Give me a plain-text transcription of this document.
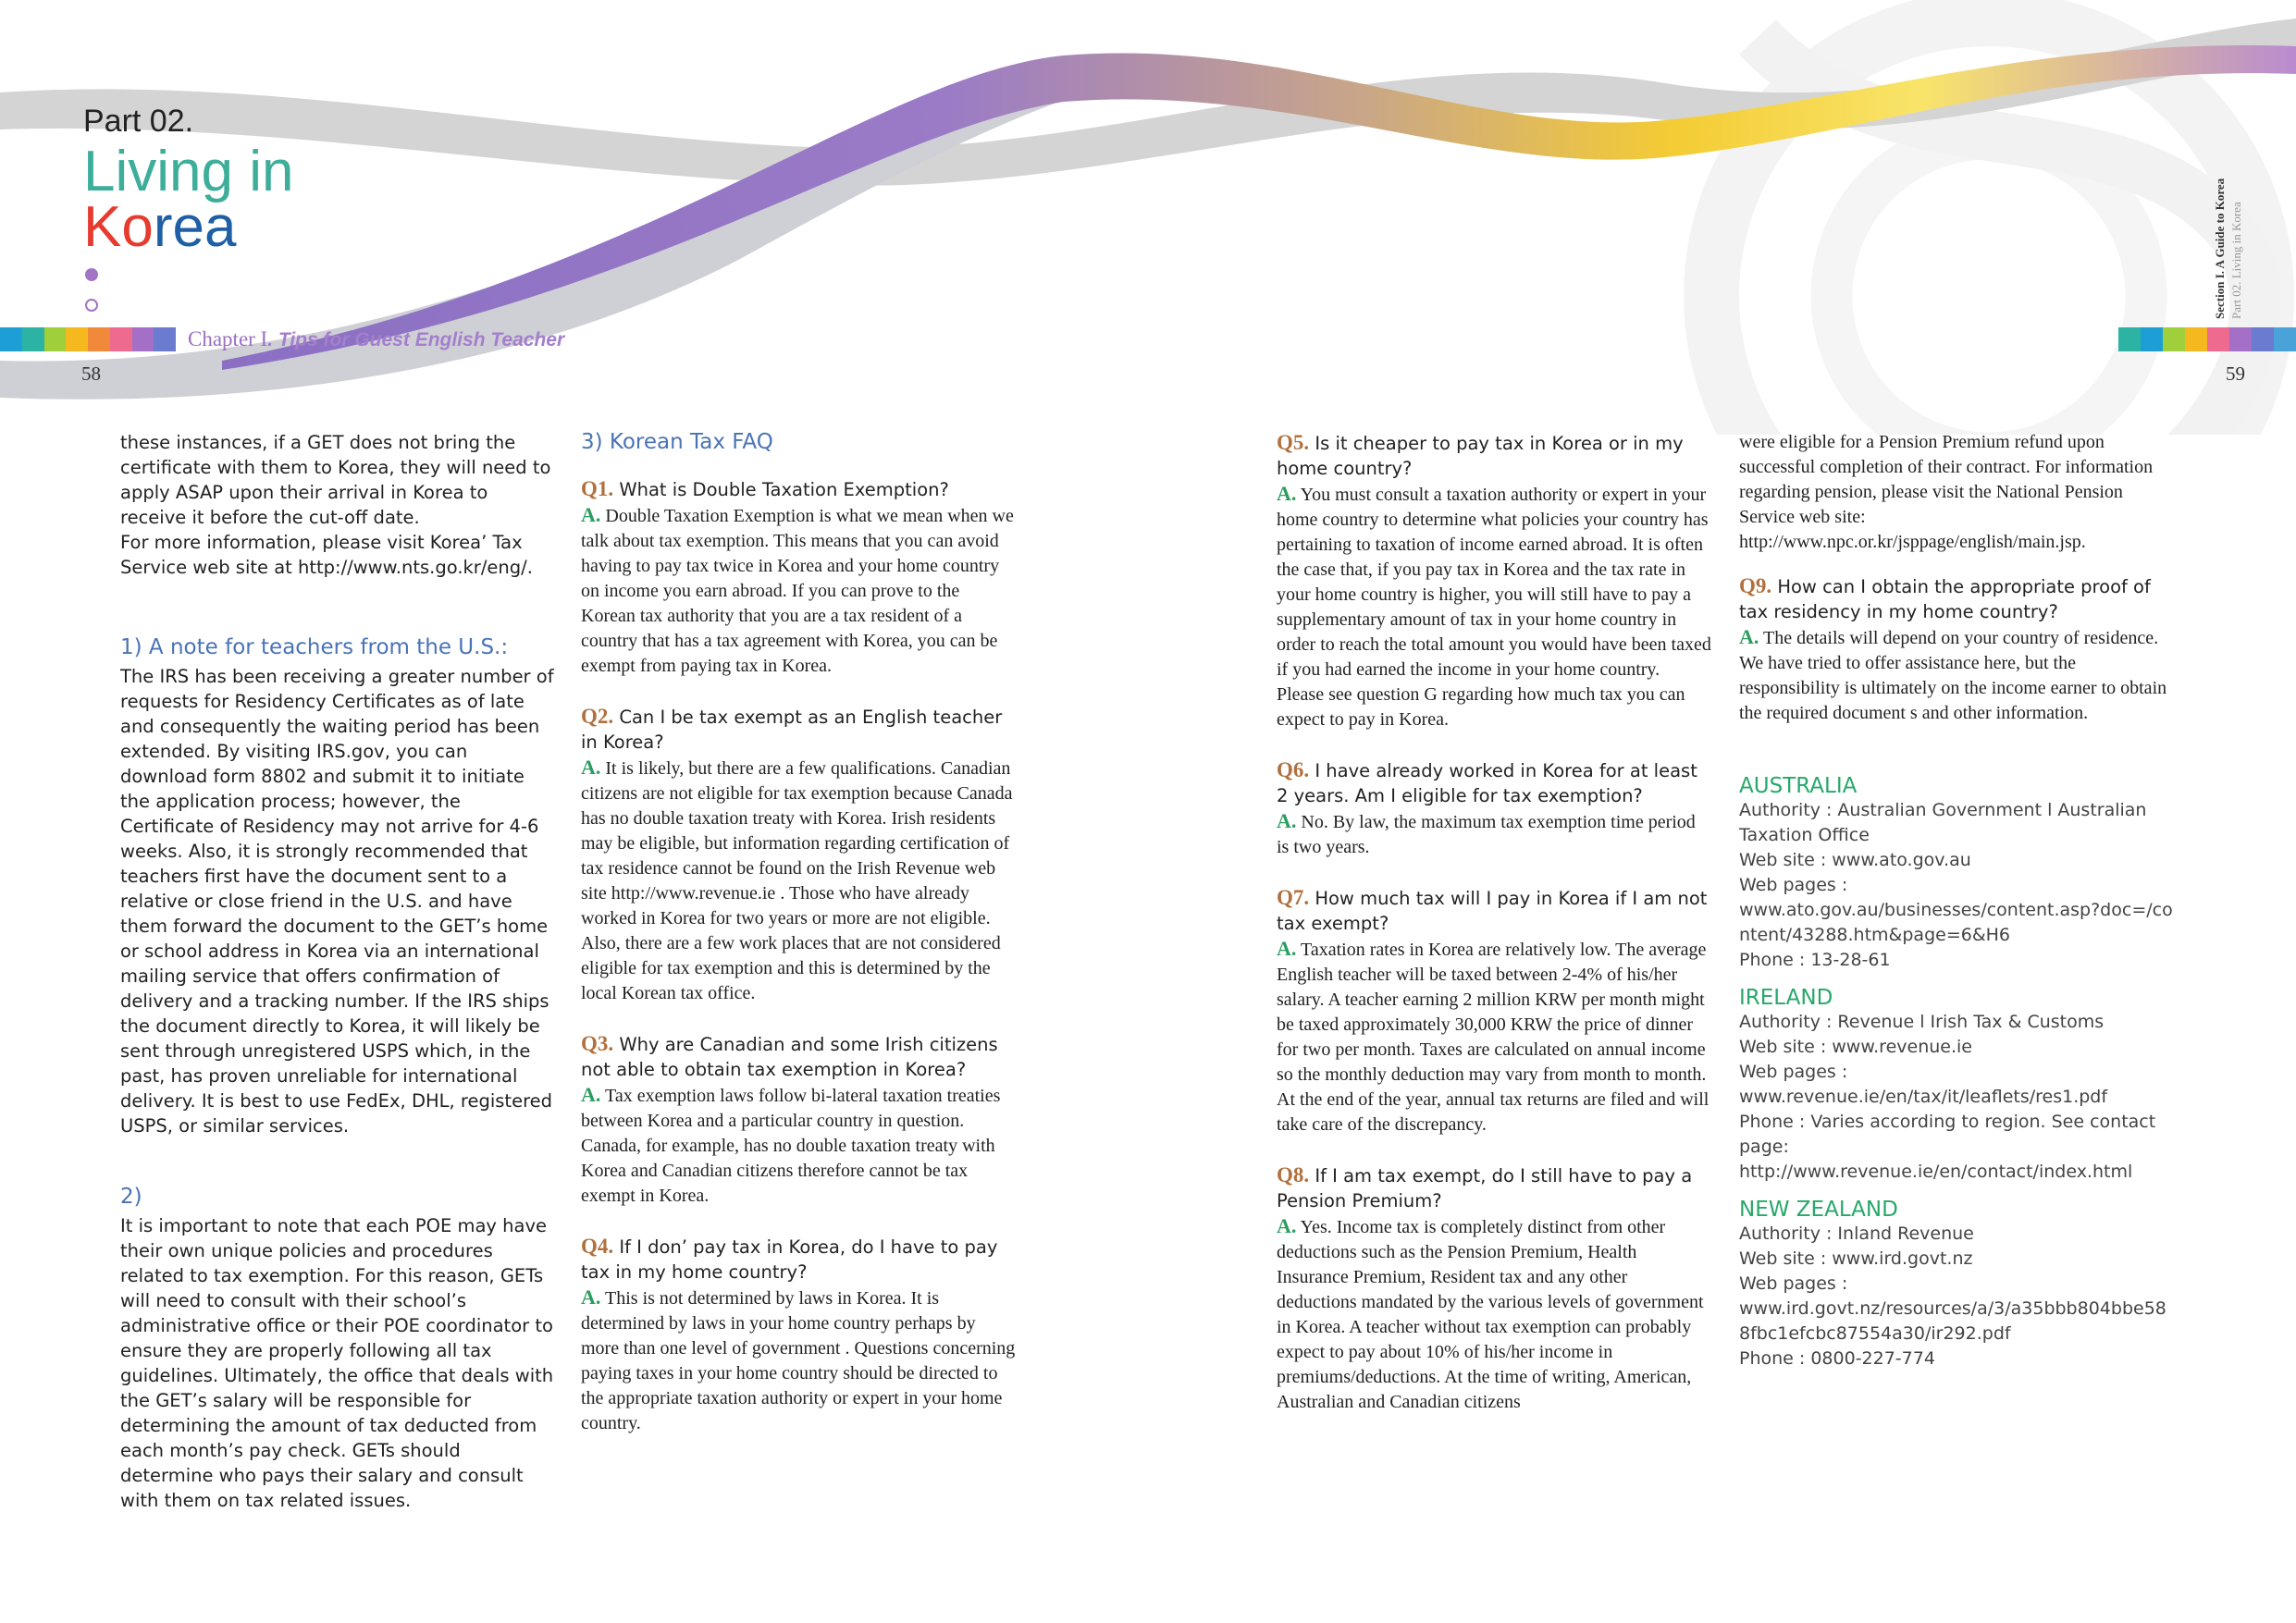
Part 02.
Living in
Korea
Chapter I. Tips for Guest English Teacher
58	59
Section I. A Guide to Korea Part 02. Living in Korea

these instances, if a GET does not bring the certificate with them to Korea, they will need to apply ASAP upon their arrival in Korea to receive it before the cut-off date.

For more information, please visit Korea’ Tax Service web site at http://www.nts.go.kr/eng/.

1) A note for teachers from the U.S.:

The IRS has been receiving a greater number of requests for Residency Certificates as of late and consequently the waiting period has been extended. By visiting IRS.gov, you can download form 8802 and submit it to initiate the application process; however, the Certificate of Residency may not arrive for 4-6 weeks. Also, it is strongly recommended that teachers first have the document sent to a relative or close friend in the U.S. and have them forward the document to the GET’s home or school address in Korea via an international mailing service that offers confirmation of delivery and a tracking number. If the IRS ships the document directly to Korea, it will likely be sent through unregistered USPS which, in the past, has proven unreliable for international delivery. It is best to use FedEx, DHL, registered USPS, or similar services.

2)

It is important to note that each POE may have their own unique policies and procedures related to tax exemption. For this reason, GETs will need to consult with their school’s administrative office or their POE coordinator to ensure they are properly following all tax guidelines. Ultimately, the office that deals with the GET’s salary will be responsible for determining the amount of tax deducted from each month’s pay check. GETs should determine who pays their salary and consult with them on tax related issues.

3) Korean Tax FAQ

Q1. What is Double Taxation Exemption?

A. Double Taxation Exemption is what we mean when we talk about tax exemption. This means that you can avoid having to pay tax twice in Korea and your home country on income you earn abroad. If you can prove to the Korean tax authority that you are a tax resident of a country that has a tax agreement with Korea, you can be exempt from paying tax in Korea.

Q2. Can I be tax exempt as an English teacher in Korea?

A. It is likely, but there are a few qualifications. Canadian citizens are not eligible for tax exemption because Canada has no double taxation treaty with Korea. Irish residents may be eligible, but information regarding certification of tax residence cannot be found on the Irish Revenue web site http://www.revenue.ie . Those who have already worked in Korea for two years or more are not eligible. Also, there are a few work places that are not considered eligible for tax exemption and this is determined by the local Korean tax office.

Q3. Why are Canadian and some Irish citizens not able to obtain tax exemption in Korea?

A. Tax exemption laws follow bi-lateral taxation treaties between Korea and a particular country in question. Canada, for example, has no double taxation treaty with Korea and Canadian citizens therefore cannot be tax exempt in Korea.

Q4. If I don’ pay tax in Korea, do I have to pay tax in my home country?

A. This is not determined by laws in Korea. It is determined by laws in your home country perhaps by more than one level of government . Questions concerning paying taxes in your home country should be directed to the appropriate taxation authority or expert in your home country.

Q5. Is it cheaper to pay tax in Korea or in my home country?

A. You must consult a taxation authority or expert in your home country to determine what policies your country has pertaining to taxation of income earned abroad. It is often the case that, if you pay tax in Korea and the tax rate in your home country is higher, you will still have to pay a supplementary amount of tax in your home country in order to reach the total amount you would have been taxed if you had earned the income in your home country. Please see question G regarding how much tax you can expect to pay in Korea.

Q6. I have already worked in Korea for at least 2 years. Am I eligible for tax exemption?

A. No. By law, the maximum tax exemption time period is two years.

Q7. How much tax will I pay in Korea if I am not tax exempt?

A. Taxation rates in Korea are relatively low. The average English teacher will be taxed between 2-4% of his/her salary. A teacher earning 2 million KRW per month might be taxed approximately 30,000 KRW the price of dinner for two per month. Taxes are calculated on annual income so the monthly deduction may vary from month to month. At the end of the year, annual tax returns are filed and will take care of the discrepancy.

Q8. If I am tax exempt, do I still have to pay a Pension Premium?

A. Yes. Income tax is completely distinct from other deductions such as the Pension Premium, Health Insurance Premium, Resident tax and any other deductions mandated by the various levels of government in Korea. A teacher without tax exemption can probably expect to pay about 10% of his/her income in premiums/deductions. At the time of writing, American, Australian and Canadian citizens

were eligible for a Pension Premium refund upon successful completion of their contract. For information regarding pension, please visit the National Pension Service web site:

http://www.npc.or.kr/jsppage/english/main.jsp.

Q9. How can I obtain the appropriate proof of tax residency in my home country?

A. The details will depend on your country of residence. We have tried to offer assistance here, but the responsibility is ultimately on the income earner to obtain the required document s and other information.

AUSTRALIA

Authority : Australian Government l Australian Taxation Office
Web site : www.ato.gov.au
Web pages :
www.ato.gov.au/businesses/content.asp?doc=/content/43288.htm&page=6&H6
Phone : 13-28-61

IRELAND

Authority : Revenue l Irish Tax & Customs
Web site : www.revenue.ie
Web pages :
www.revenue.ie/en/tax/it/leaflets/res1.pdf
Phone : Varies according to region. See contact page:
http://www.revenue.ie/en/contact/index.html

NEW ZEALAND

Authority : Inland Revenue
Web site : www.ird.govt.nz
Web pages :
www.ird.govt.nz/resources/a/3/a35bbb804bbe588fbc1efcbc87554a30/ir292.pdf
Phone : 0800-227-774
